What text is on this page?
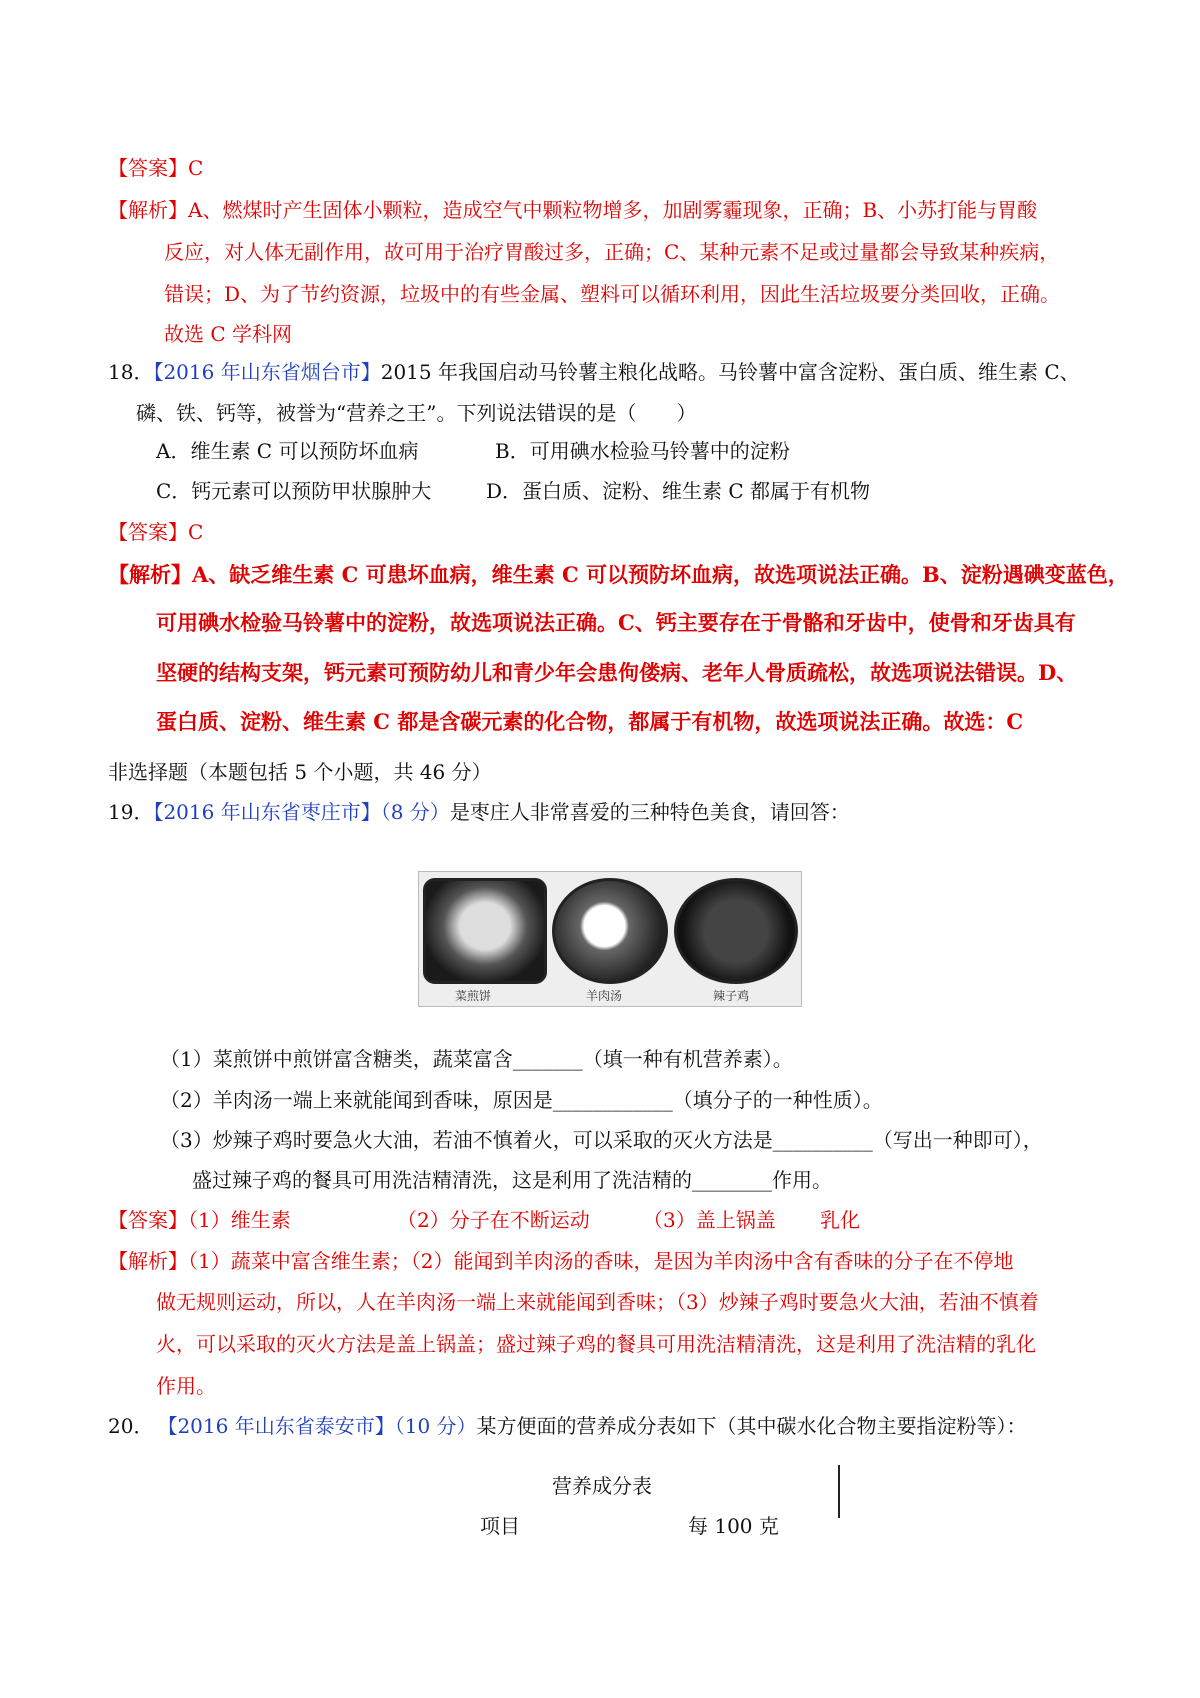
【答案】C
【解析】A、燃煤时产生固体小颗粒，造成空气中颗粒物增多，加剧雾霾现象，正确；B、小苏打能与胃酸
反应，对人体无副作用，故可用于治疗胃酸过多，正确；C、某种元素不足或过量都会导致某种疾病，
错误；D、为了节约资源，垃圾中的有些金属、塑料可以循环利用，因此生活垃圾要分类回收，正确。
故选 C 学科网
18．【2016 年山东省烟台市】2015 年我国启动马铃薯主粮化战略。马铃薯中富含淀粉、蛋白质、维生素 C、
磷、铁、钙等，被誉为“营养之王”。下列说法错误的是（　　）
A．维生素 C 可以预防坏血病	B．可用碘水检验马铃薯中的淀粉
C．钙元素可以预防甲状腺肿大	D．蛋白质、淀粉、维生素 C 都属于有机物
【答案】C
【解析】A、缺乏维生素 C 可患坏血病，维生素 C 可以预防坏血病，故选项说法正确。B、淀粉遇碘变蓝色，
可用碘水检验马铃薯中的淀粉，故选项说法正确。C、钙主要存在于骨骼和牙齿中，使骨和牙齿具有
坚硬的结构支架，钙元素可预防幼儿和青少年会患佝偻病、老年人骨质疏松，故选项说法错误。D、
蛋白质、淀粉、维生素 C 都是含碳元素的化合物，都属于有机物，故选项说法正确。故选：C
非选择题（本题包括 5 个小题，共 46 分）
19．【2016 年山东省枣庄市】（8 分）是枣庄人非常喜爱的三种特色美食，请回答：
菜煎饼	羊肉汤	辣子鸡
（1）菜煎饼中煎饼富含糖类，蔬菜富含_______（填一种有机营养素）。
（2）羊肉汤一端上来就能闻到香味，原因是____________（填分子的一种性质）。
（3）炒辣子鸡时要急火大油，若油不慎着火，可以采取的灭火方法是__________（写出一种即可），
盛过辣子鸡的餐具可用洗洁精清洗，这是利用了洗洁精的________作用。
【答案】（1）维生素	（2）分子在不断运动	（3）盖上锅盖 乳化
【解析】（1）蔬菜中富含维生素；（2）能闻到羊肉汤的香味，是因为羊肉汤中含有香味的分子在不停地
做无规则运动，所以，人在羊肉汤一端上来就能闻到香味；（3）炒辣子鸡时要急火大油，若油不慎着
火，可以采取的灭火方法是盖上锅盖；盛过辣子鸡的餐具可用洗洁精清洗，这是利用了洗洁精的乳化
作用。
20． 【2016 年山东省泰安市】（10 分）某方便面的营养成分表如下（其中碳水化合物主要指淀粉等）：
营养成分表
项目	每 100 克
